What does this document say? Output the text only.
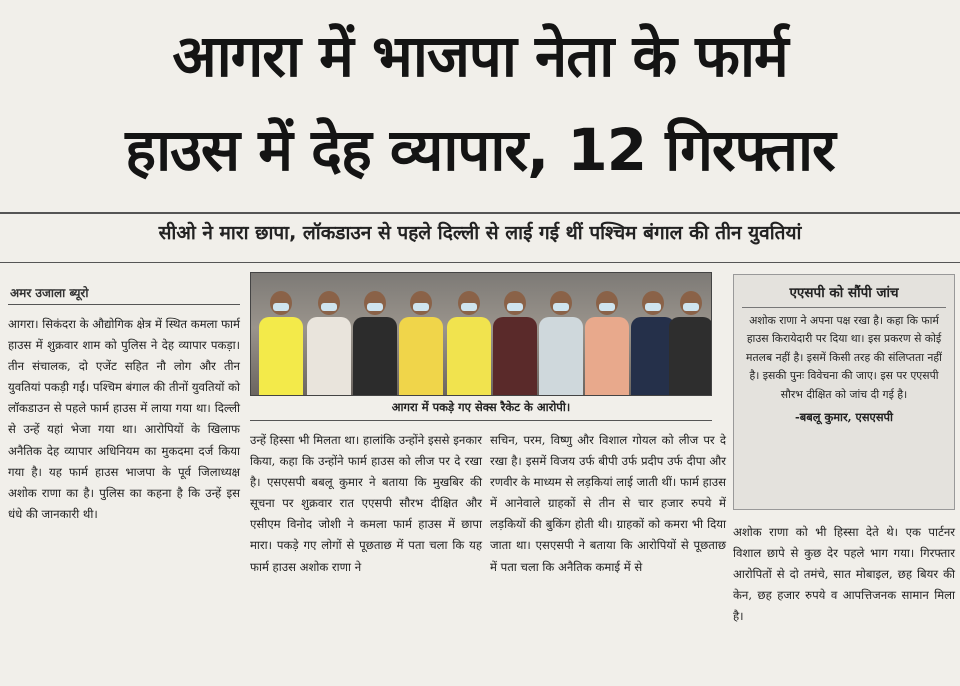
आगरा में भाजपा नेता के फार्म
हाउस में देह व्यापार, 12 गिरफ्तार
सीओ ने मारा छापा, लॉकडाउन से पहले दिल्ली से लाई गई थीं पश्चिम बंगाल की तीन युवतियां
अमर उजाला ब्यूरो

आगरा। सिकंदरा के औद्योगिक क्षेत्र में स्थित कमला फार्म हाउस में शुक्रवार शाम को पुलिस ने देह व्यापार पकड़ा। तीन संचालक, दो एजेंट सहित नौ लोग और तीन युवतियां पकड़ी गईं। पश्चिम बंगाल की तीनों युवतियों को लॉकडाउन से पहले फार्म हाउस में लाया गया था। दिल्ली से उन्हें यहां भेजा गया था। आरोपियों के खिलाफ अनैतिक देह व्यापार अधिनियम का मुकदमा दर्ज किया गया है। यह फार्म हाउस भाजपा के पूर्व जिलाध्यक्ष अशोक राणा का है। पुलिस का कहना है कि उन्हें इस धंधे की जानकारी थी।

आगरा में पकड़े गए सेक्स रैकेट के आरोपी।

उन्हें हिस्सा भी मिलता था। हालांकि उन्होंने इससे इनकार किया, कहा कि उन्होंने फार्म हाउस को लीज पर दे रखा है। एसएसपी बबलू कुमार ने बताया कि मुखबिर की सूचना पर शुक्रवार रात एएसपी सौरभ दीक्षित और एसीएम विनोद जोशी ने कमला फार्म हाउस में छापा मारा। पकड़े गए लोगों से पूछताछ में पता चला कि यह फार्म हाउस अशोक राणा ने

सचिन, परम, विष्णु और विशाल गोयल को लीज पर दे रखा है। इसमें विजय उर्फ बीपी उर्फ प्रदीप उर्फ दीपा और रणवीर के माध्यम से लड़कियां लाई जाती थीं। फार्म हाउस में आनेवाले ग्राहकों से तीन से चार हजार रुपये में लड़कियों की बुकिंग होती थी। ग्राहकों को कमरा भी दिया जाता था। एसएसपी ने बताया कि आरोपियों से पूछताछ में पता चला कि अनैतिक कमाई में से

एएसपी को सौंपी जांच

अशोक राणा ने अपना पक्ष रखा है। कहा कि फार्म हाउस किरायेदारी पर दिया था। इस प्रकरण से कोई मतलब नहीं है। इसमें किसी तरह की संलिप्तता नहीं है। इसकी पुनः विवेचना की जाए। इस पर एएसपी सौरभ दीक्षित को जांच दी गई है।

-बबलू कुमार, एसएसपी

अशोक राणा को भी हिस्सा देते थे। एक पार्टनर विशाल छापे से कुछ देर पहले भाग गया। गिरफ्तार आरोपितों से दो तमंचे, सात मोबाइल, छह बियर की केन, छह हजार रुपये व आपत्तिजनक सामान मिला है।
